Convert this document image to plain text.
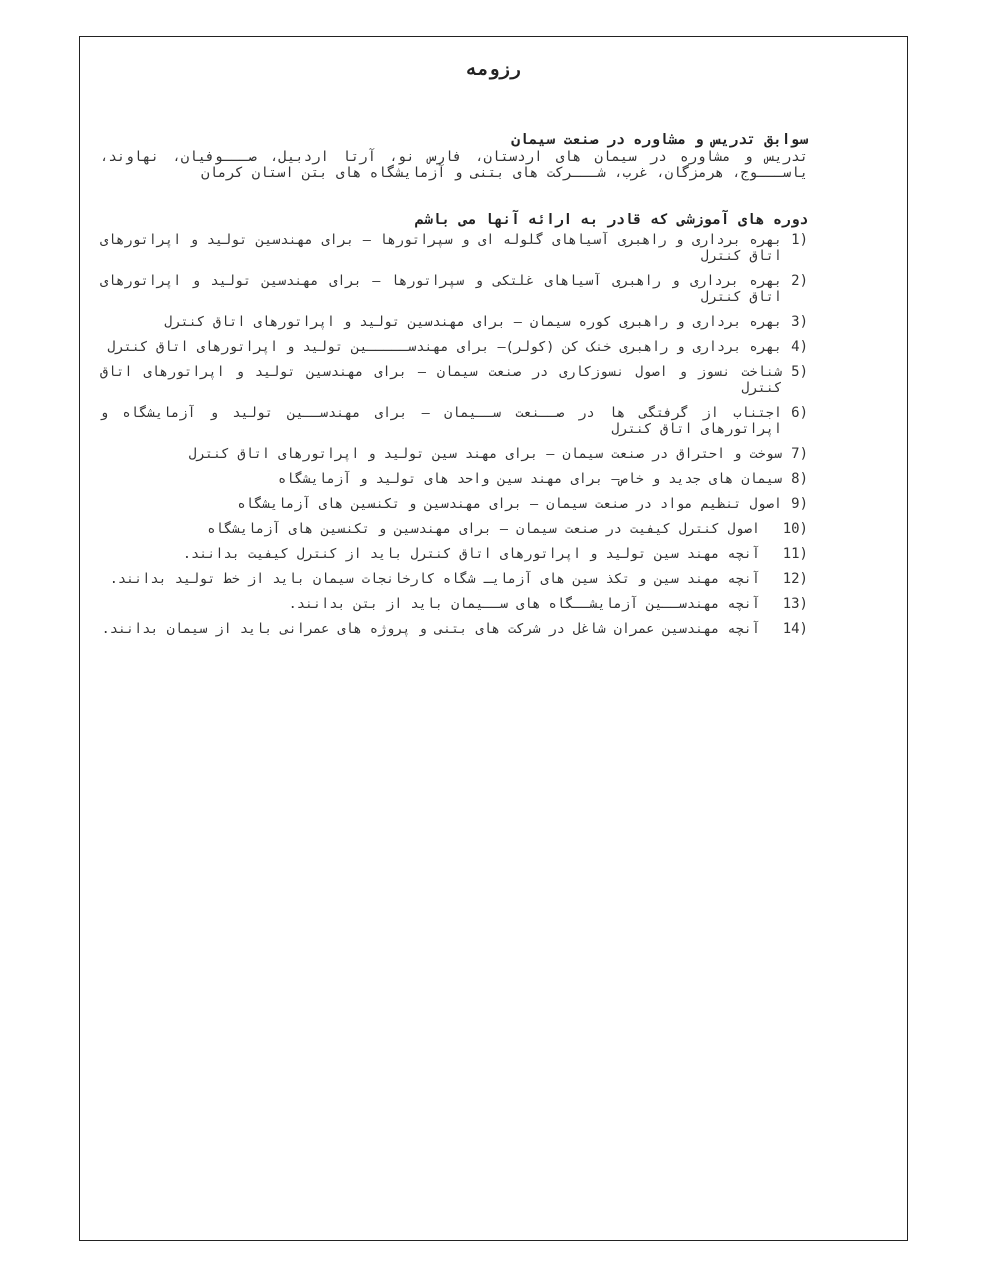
رزومه

سوابق تدریس و مشاوره در صنعت سیمان

تدریس و مشاوره در سیمان های اردستان، فارس نو، آرتا اردبیل، صـــوفیان، نهاوند، یاســـوج، هرمزگان، غرب، شـــرکت های بتنی و آزمایشگاه های بتن استان کرمان

دوره های آموزشی که قادر به ارائه آنها می باشم

1)
بهره برداری و راهبری آسیاهای گلوله ای و سپراتورها – برای مهندسین تولید و اپراتورهای اتاق کنترل
2)
بهره برداری و راهبری آسیاهای غلتکی و سپراتورها – برای مهندسین تولید و اپراتورهای اتاق کنترل
3)
بهره برداری و راهبری کوره سیمان – برای مهندسین تولید و اپراتورهای اتاق کنترل
4)
بهره برداری و راهبری خنک کن (کولر)– برای مهندســـــین تولید و اپراتورهای اتاق کنترل
5)
شناخت نسوز و اصول نسوزکاری در صنعت سیمان – برای مهندسین تولید و اپراتورهای اتاق کنترل
6)
اجتناب از گرفتگی ها در صــنعت ســیمان – برای مهندســین تولید و آزمایشگاه و اپراتورهای اتاق کنترل
7)
سوخت و احتراق در صنعت سیمان – برای مهند سین تولید و اپراتورهای اتاق کنترل
8)
سیمان های جدید و خاص– برای مهند سین واحد های تولید و آزمایشگاه
9)
اصول تنظیم مواد در صنعت سیمان – برای مهندسین و تکنسین های آزمایشگاه
10)
اصول کنترل کیفیت در صنعت سیمان – برای مهندسین و تکنسین های آزمایشگاه
11)
آنچه مهند سین تولید و اپراتورهای اتاق کنترل باید از کنترل کیفیت بدانند.
12)
آنچه مهند سین و تکذ سین های آزمایـ شگاه کارخانجات سیمان باید از خط تولید بدانند.
13)
آنچه مهندســین آزمایشــگاه های ســیمان باید از بتن بدانند.
14)
آنچه مهندسین عمران شاغل در شرکت های بتنی و پروژه های عمرانی باید از سیمان بدانند.
